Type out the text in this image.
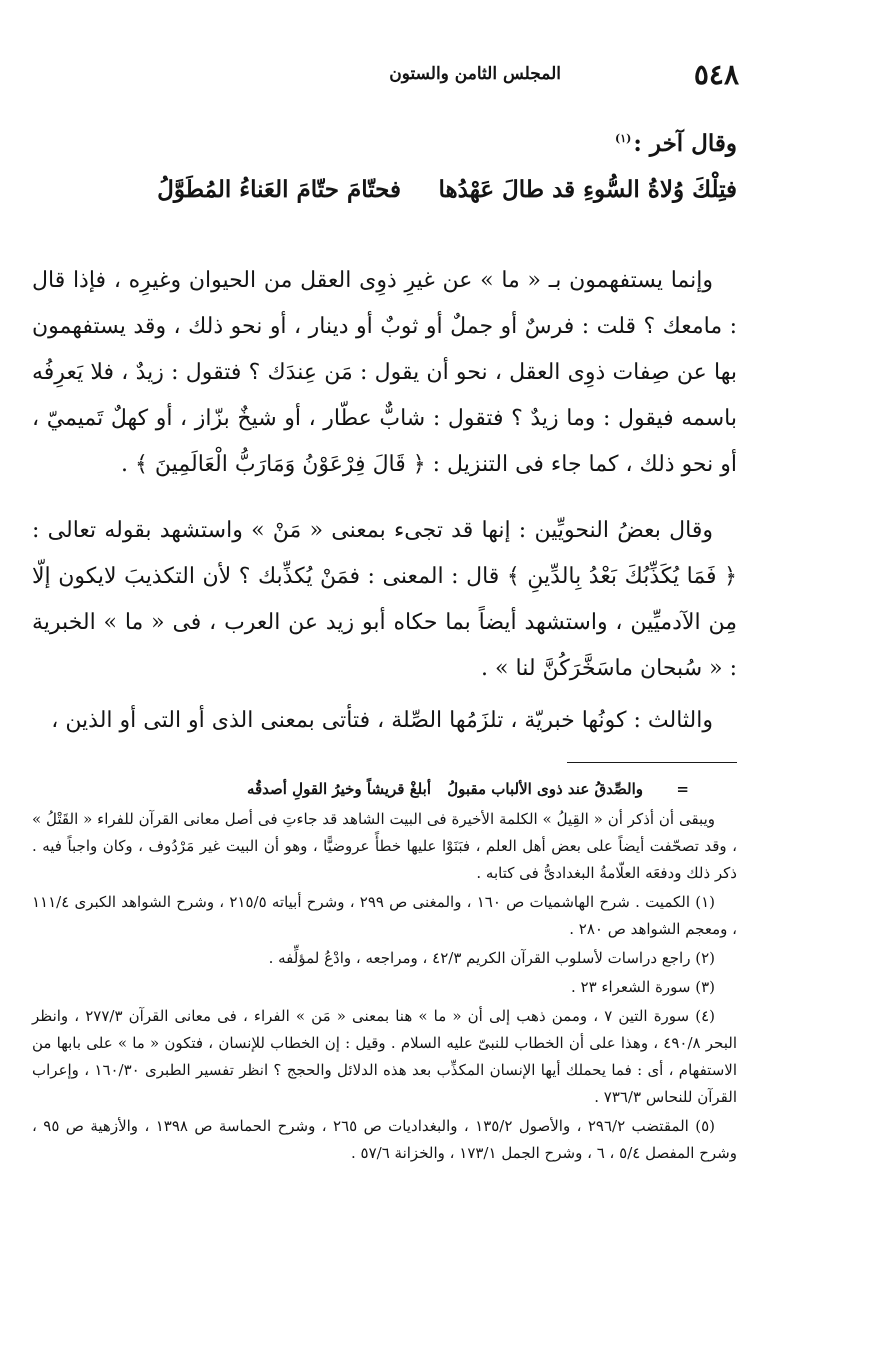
٥٤٨
المجلس الثامن والستون
وقال آخر :$^{(١)}$
فتِلْكَ وُلاةُ السُّوءِ قد طالَ عَهْدُها
فحتّامَ حتّامَ العَناءُ المُطَوَّلُ

وإنما يستفهمون بـ « ما » عن غيرِ ذوِى العقل من الحيوان وغيرِه ، فإذا قال : مامعك ؟ قلت : فرسٌ أو جملٌ أو ثوبٌ أو دينار ، أو نحو ذلك ، وقد يستفهمون بها عن صِفات ذوِى العقل ، نحو أن يقول : مَن عِندَك ؟ فتقول : زيدٌ ، فلا يَعرِفُه باسمه فيقول : وما زيدٌ ؟ فتقول : شابٌّ عطّار ، أو شيخٌ بزّاز ، أو كهلٌ تَميميّ ، أو نحو ذلك ، كما جاء فى التنزيل : ﴿ قَالَ فِرْعَوْنُ وَمَارَبُّ الْعَالَمِينَ ﴾ .

وقال بعضُ النحويِّين : إنها قد تجىء بمعنى « مَنْ » واستشهد بقوله تعالى : ﴿ فَمَا يُكَذِّبُكَ بَعْدُ بِالدِّينِ ﴾ قال : المعنى : فمَنْ يُكذِّبك ؟ لأن التكذيبَ لايكون إلّا مِن الآدميِّين ، واستشهد أيضاً بما حكاه أبو زيد عن العرب ، فى « ما » الخبرية : « سُبحان ماسَخَّرَكُنَّ لنا » .

والثالث : كونُها خبريّة ، تلزَمُها الصِّلة ، فتأتى بمعنى الذى أو التى أو الذين ،

=
أبلغْ قريشاً وخيرُ القولِ أصدقُه والصِّدقُ عند ذوى الألباب مقبولُ

ويبقى أن أذكر أن « القِيلُ » الكلمة الأخيرة فى البيت الشاهد قد جاءتِ فى أصل معانى القرآن للفراء « القَتْلُ » ، وقد تصحّفت أيضاً على بعض أهل العلم ، فبَنَوْا عليها خطأً عروضيًّا ، وهو أن البيت غير مَرْدُوف ، وكان واجباً فيه . ذكر ذلك ودفعَه العلّامةُ البغدادىُّ فى كتابه .

(١) الكميت . شرح الهاشميات ص ١٦٠ ، والمغنى ص ٢٩٩ ، وشرح أبياته ٢١٥/٥ ، وشرح الشواهد الكبرى ١١١/٤ ، ومعجم الشواهد ص ٢٨٠ .

(٢) راجع دراسات لأسلوب القرآن الكريم ٤٢/٣ ، ومراجعه ، وادْعُ لمؤلِّفه .

(٣) سورة الشعراء ٢٣ .

(٤) سورة التين ٧ ، وممن ذهب إلى أن « ما » هنا بمعنى « مَن » الفراء ، فى معانى القرآن ٢٧٧/٣ ، وانظر البحر ٤٩٠/٨ ، وهذا على أن الخطاب للنبىّ عليه السلام . وقيل : إن الخطاب للإنسان ، فتكون « ما » على بابها من الاستفهام ، أى : فما يحملك أيها الإنسان المكذِّب بعد هذه الدلائل والحجج ؟ انظر تفسير الطبرى ١٦٠/٣٠ ، وإعراب القرآن للنحاس ٧٣٦/٣ .

(٥) المقتضب ٢٩٦/٢ ، والأصول ١٣٥/٢ ، والبغداديات ص ٢٦٥ ، وشرح الحماسة ص ١٣٩٨ ، والأزهية ص ٩٥ ، وشرح المفصل ٥/٤ ، ٦ ، وشرح الجمل ١٧٣/١ ، والخزانة ٥٧/٦ .
